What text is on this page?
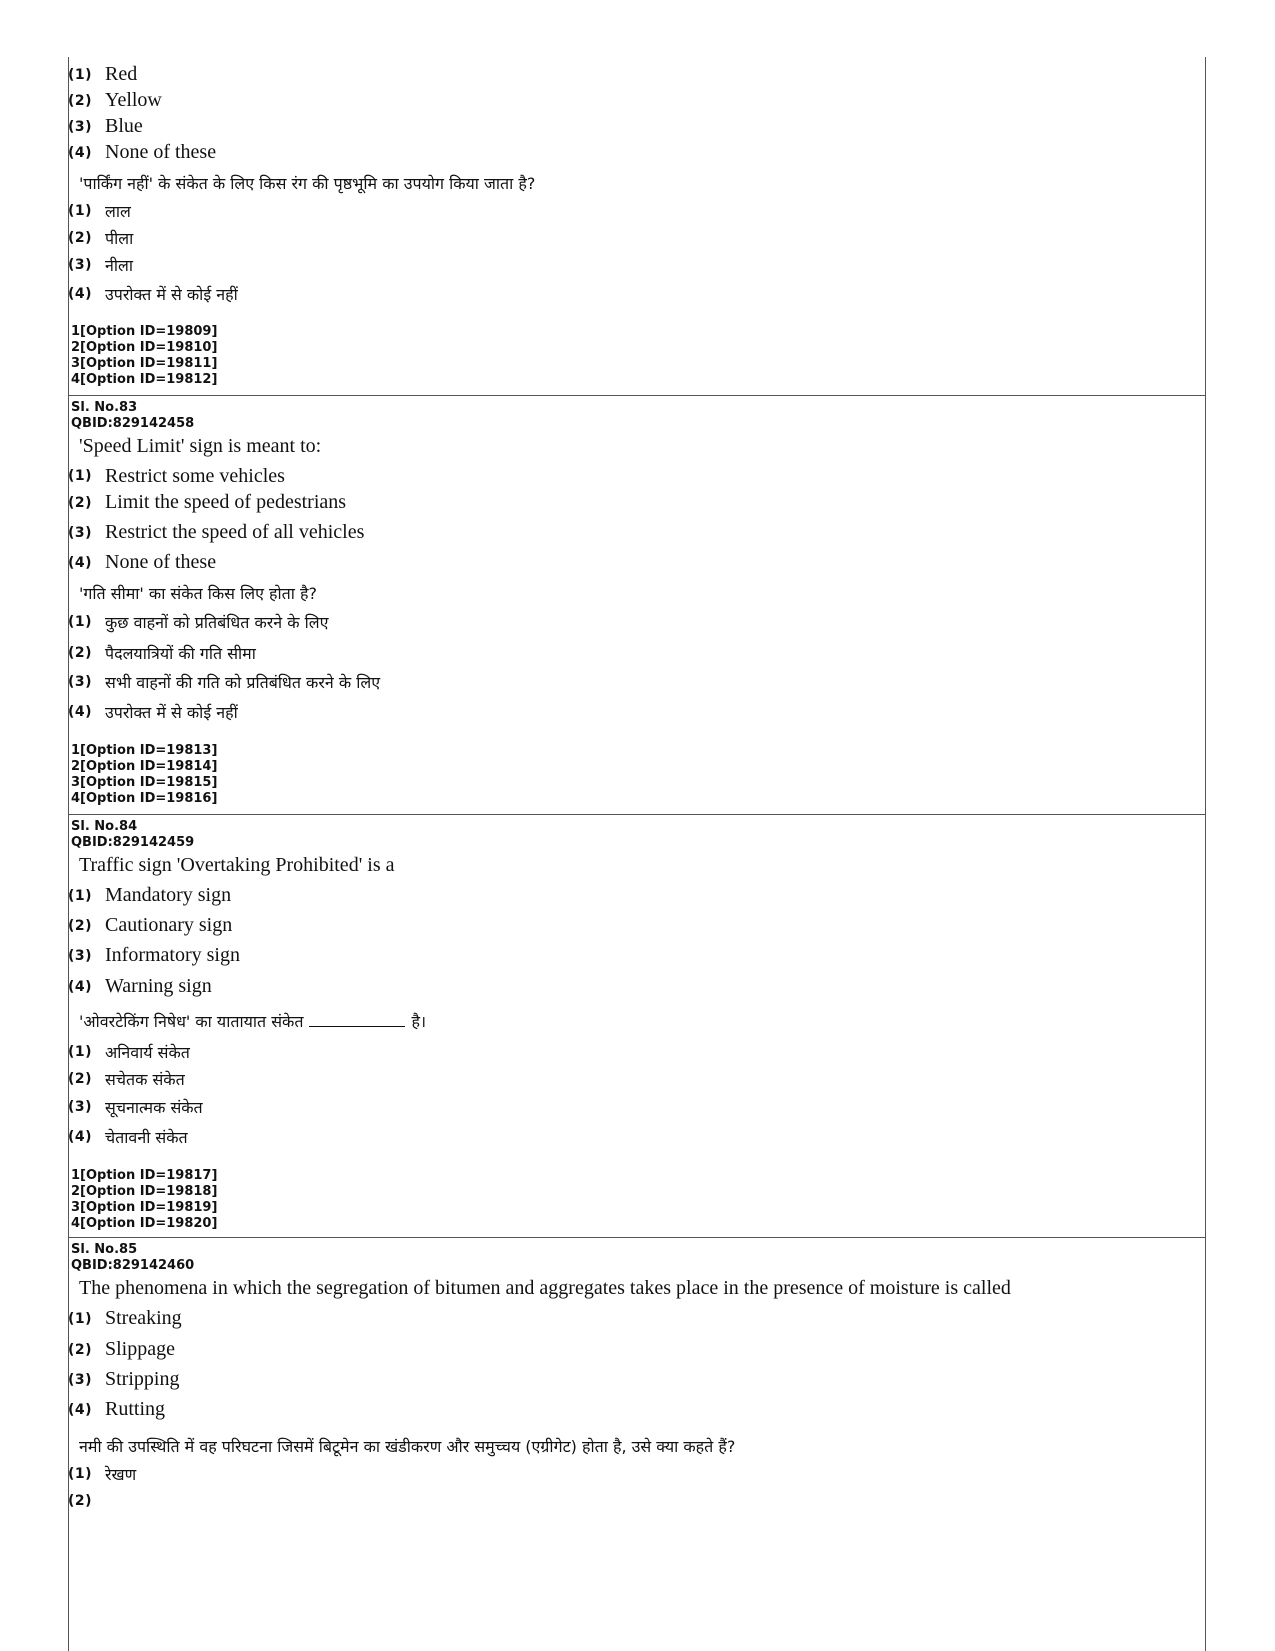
(1) Red
(2) Yellow
(3) Blue
(4) None of these
'पार्किंग नहीं' के संकेत के लिए किस रंग की पृष्ठभूमि का उपयोग किया जाता है?
(1) लाल
(2) पीला
(3) नीला
(4) उपरोक्त में से कोई नहीं
1[Option ID=19809]
2[Option ID=19810]
3[Option ID=19811]
4[Option ID=19812]
Sl. No.83
QBID:829142458
'Speed Limit' sign is meant to:
(1) Restrict some vehicles
(2) Limit the speed of pedestrians
(3) Restrict the speed of all vehicles
(4) None of these
'गति सीमा' का संकेत किस लिए होता है?
(1) कुछ वाहनों को प्रतिबंधित करने के लिए
(2) पैदलयात्रियों की गति सीमा
(3) सभी वाहनों की गति को प्रतिबंधित करने के लिए
(4) उपरोक्त में से कोई नहीं
1[Option ID=19813]
2[Option ID=19814]
3[Option ID=19815]
4[Option ID=19816]
Sl. No.84
QBID:829142459
Traffic sign 'Overtaking Prohibited' is a
(1) Mandatory sign
(2) Cautionary sign
(3) Informatory sign
(4) Warning sign
'ओवरटेकिंग निषेध' का यातायात संकेत	है।
(1) अनिवार्य संकेत
(2) सचेतक संकेत
(3) सूचनात्मक संकेत
(4) चेतावनी संकेत
1[Option ID=19817]
2[Option ID=19818]
3[Option ID=19819]
4[Option ID=19820]
Sl. No.85
QBID:829142460
The phenomena in which the segregation of bitumen and aggregates takes place in the presence of moisture is called
(1) Streaking
(2) Slippage
(3) Stripping
(4) Rutting
नमी की उपस्थिति में वह परिघटना जिसमें बिटूमेन का खंडीकरण और समुच्चय (एग्रीगेट) होता है, उसे क्या कहते हैं?
(1) रेखण
(2)
